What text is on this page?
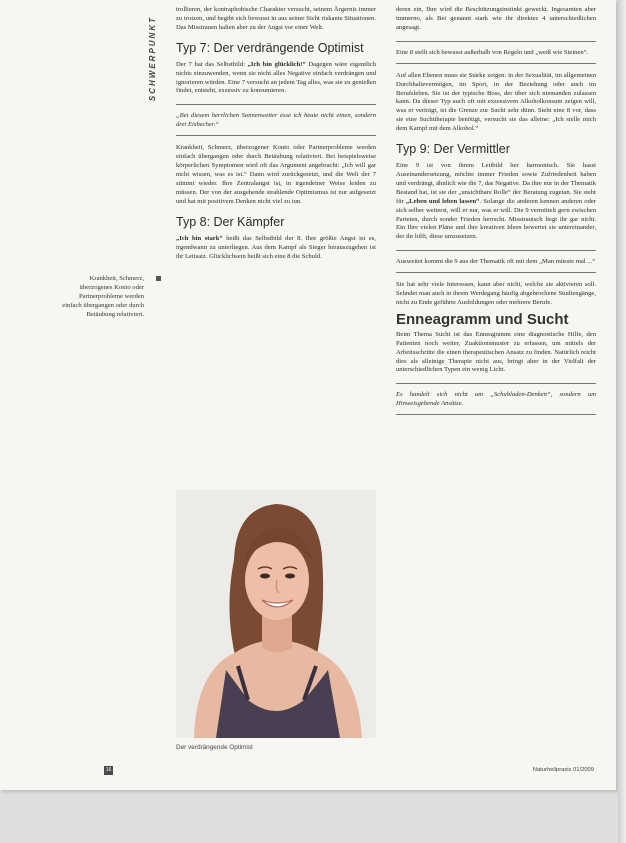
SCHWERPUNKT
Krankheit, Schmerz, überzogenes Konto oder Partnerprobleme werden einfach übergangen oder durch Betäubung relativiert.

trollieren, der kontraphobische Charakter versucht, seinem Ärgernis immer zu trotzen, und begibt sich bewusst in aus seiner Sicht riskante Situationen. Das Misstrauen halten aber zu der Angst vor einer Welt.

Typ 7: Der verdrängende Optimist

Der 7 hat das Selbstbild: „Ich bin glücklich!“ Dagegen wäre eigentlich nichts einzuwenden, wenn sie nicht alles Negative einfach verdrängen und ignorieren würden. Eine 7 versucht an jedem Tag alles, was sie zu genießen findet, entsteht, exzessiv zu konsumieren.

„Bei diesem herrlichen Sonnenwetter esse ich heute nicht einen, sondern drei Eisbecher.“

Krankheit, Schmerz, überzogener Konto oder Partnerprobleme werden einfach übergangen oder durch Betäubung relativiert. Bei beispielsweise körperlichen Symptomen wird oft das Argument angebracht: „Ich will gar nicht wissen, was es ist.“ Dann wird zurückgesetzt, und die Welt der 7 stimmt wieder. Ihre Zentralangst ist, in irgendeiner Weise leiden zu müssen. Der von der ausgehende strahlende Optimismus ist nur aufgesetzt und hat mit positivem Denken nicht viel zu tun.

Typ 8: Der Kämpfer

„Ich bin stark“ heißt das Selbstbild der 8. Ihre größte Angst ist es, irgendwann zu unterliegen. Aus dem Kampf als Sieger herauszugehen ist ihr Leitsatz. Glücklichsein heißt sich eine 8 die Schuld.

Der verdrängende Optimist

deren ein, Ihre wird die Beschützungsinstinkt geweckt. Ingesamten aber immerno, als Bei genannt stark wie ihr direktes 4 unterschiedlichen angesagt.

Eine 8 stellt sich bewusst außerhalb von Regeln und „weiß wie Steinen“.

Auf allen Ebenen muss sie Stärke zeigen: in der Sexualität, im allgemeinen Durchhaltevermögen, im Sport, in der Beziehung oder auch im Berufsleben. Sie ist der typische Boss, der über sich niemanden zulassen kann. Da dieser Typ auch oft mit exzessivem Alkoholkonsum zeigen will, was er verträgt, ist die Grenze zur Sucht sehr dünn. Steht eine 8 vor, dass sie eine Suchttherapie benötigt, versucht sie das alleine: „Ich stelle mich dem Kampf mit dem Alkohol.“

Typ 9: Der Vermittler

Eine 9 ist von ihrem Leitbild her harmonisch. Sie hasst Auseinandersetzung, möchte immer Frieden sowie Zufriedenheit haben und verdrängt, ähnlich wie die 7, das Negative. Da ihre nur in der Thematik Bestand hat, ist sie der „unsichtbare Rolle“ der Beratung zugetan. Sie steht für „Leben und leben lassen“. Solange die anderen kennen anderen oder sich selber weiterst, will er nur, was er will. Die 9 vermittelt gern zwischen Parteien, durch sonder Frieden herrscht. Misstrauisch liegt ihr gar nicht. Ein Ihre vielen Pläne und ihre kreativen Ideen bewertet sie untereinander, der ihr hilft, diese umzusetzen.

Ausweitet kommt die 9 aus der Thematik oft mit dem „Man müsste mal ...“

Sie hat sehr viele Interessen, kann aber nicht, welche sie aktivieren soll. Sehndet man auch in ihrem Werdegang häufig abgebrochene Studiengänge, nicht zu Ende geführte Ausbildungen oder mehrere Berufe.

Enneagramm und Sucht

Beim Thema Sucht ist das Enneagramm eine diagnostische Hilfe, den Patienten noch weiter, Zuaktionsmuster zu erfassen, um mittels der Arbeitsschritte die einen therapeutischen Ansatz zu finden. Natürlich reicht dies als alleinige Therapie nicht aus, bringt aber in der Vielfalt der unterschiedlichen Typen ein wenig Licht.

Es handelt sich nicht um „Schubladen-Denken“, sondern um Hinweisgebende Ansätze.
16	Naturheilpraxis 01/2009
